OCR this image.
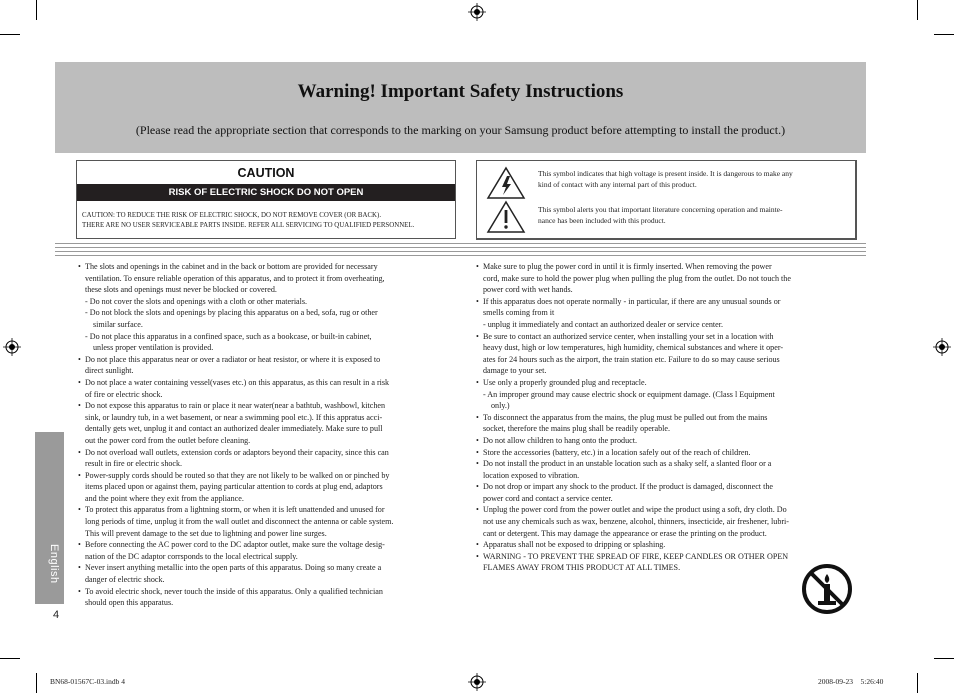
Warning! Important Safety Instructions
(Please read the appropriate section that corresponds to the marking on your Samsung product before attempting to install the product.)
CAUTION
RISK OF ELECTRIC SHOCK DO NOT OPEN
CAUTION: TO REDUCE THE RISK OF ELECTRIC SHOCK, DO NOT REMOVE COVER (OR BACK).
THERE ARE NO USER SERVICEABLE PARTS INSIDE. REFER ALL SERVICING TO QUALIFIED PERSONNEL.
This symbol indicates that high voltage is present inside. It is dangerous to make any
kind of contact with any internal part of this product.
This symbol alerts you that important literature concerning operation and mainte-
nance has been included with this product.
• The slots and openings in the cabinet and in the back or bottom are provided for necessary
ventilation. To ensure reliable operation of this apparatus, and to protect it from overheating,
these slots and openings must never be blocked or covered.
- Do not cover the slots and openings with a cloth or other materials.
- Do not block the slots and openings by placing this apparatus on a bed, sofa, rug or other
similar surface.
- Do not place this apparatus in a confined space, such as a bookcase, or built-in cabinet,
unless proper ventilation is provided.
• Do not place this apparatus near or over a radiator or heat resistor, or where it is exposed to
direct sunlight.
• Do not place a water containing vessel(vases etc.) on this apparatus, as this can result in a risk
of fire or electric shock.
• Do not expose this apparatus to rain or place it near water(near a bathtub, washbowl, kitchen
sink, or laundry tub, in a wet basement, or near a swimming pool etc.). If this appratus acci-
dentally gets wet, unplug it and contact an authorized dealer immediately. Make sure to pull
out the power cord from the outlet before cleaning.
• Do not overload wall outlets, extension cords or adaptors beyond their capacity, since this can
result in fire or electric shock.
• Power-supply cords should be routed so that they are not likely to be walked on or pinched by
items placed upon or against them, paying particular attention to cords at plug end, adaptors
and the point where they exit from the appliance.
• To protect this apparatus from a lightning storm, or when it is left unattended and unused for
long periods of time, unplug it from the wall outlet and disconnect the antenna or cable system.
This will prevent damage to the set due to lightning and power line surges.
• Before connecting the AC power cord to the DC adaptor outlet, make sure the voltage desig-
nation of the DC adaptor corrsponds to the local electrical supply.
• Never insert anything metallic into the open parts of this apparatus. Doing so many create a
danger of electric shock.
• To avoid electric shock, never touch the inside of this apparatus. Only a qualified technician
should open this apparatus.
• Make sure to plug the power cord in until it is firmly inserted. When removing the power
cord, make sure to hold the power plug when pulling the plug from the outlet. Do not touch the
power cord with wet hands.
• If this apparatus does not operate normally - in particular, if there are any unusual sounds or
smells coming from it
- unplug it immediately and contact an authorized dealer or service center.
• Be sure to contact an authorized service center, when installing your set in a location with
heavy dust, high or low temperatures, high humidity, chemical substances and where it oper-
ates for 24 hours such as the airport, the train station etc. Failure to do so may cause serious
damage to your set.
• Use only a properly grounded plug and receptacle.
- An improper ground may cause electric shock or equipment damage. (Class l Equipment
only.)
• To disconnect the apparatus from the mains, the plug must be pulled out from the mains
socket, therefore the mains plug shall be readily operable.
• Do not allow children to hang onto the product.
• Store the accessories (battery, etc.) in a location safely out of the reach of children.
• Do not install the product in an unstable location such as a shaky self, a slanted floor or a
location exposed to vibration.
• Do not drop or impart any shock to the product. If the product is damaged, disconnect the
power cord and contact a service center.
• Unplug the power cord from the power outlet and wipe the product using a soft, dry cloth. Do
not use any chemicals such as wax, benzene, alcohol, thinners, insecticide, air freshener, lubri-
cant or detergent. This may damage the appearance or erase the printing on the product.
• Apparatus shall not be exposed to dripping or splashing.
• WARNING - TO PREVENT THE SPREAD OF FIRE, KEEP CANDLES OR OTHER OPEN
FLAMES AWAY FROM THIS PRODUCT AT ALL TIMES.
English
4
BN68-01567C-03.indb 4	2008-09-23    5:26:40
